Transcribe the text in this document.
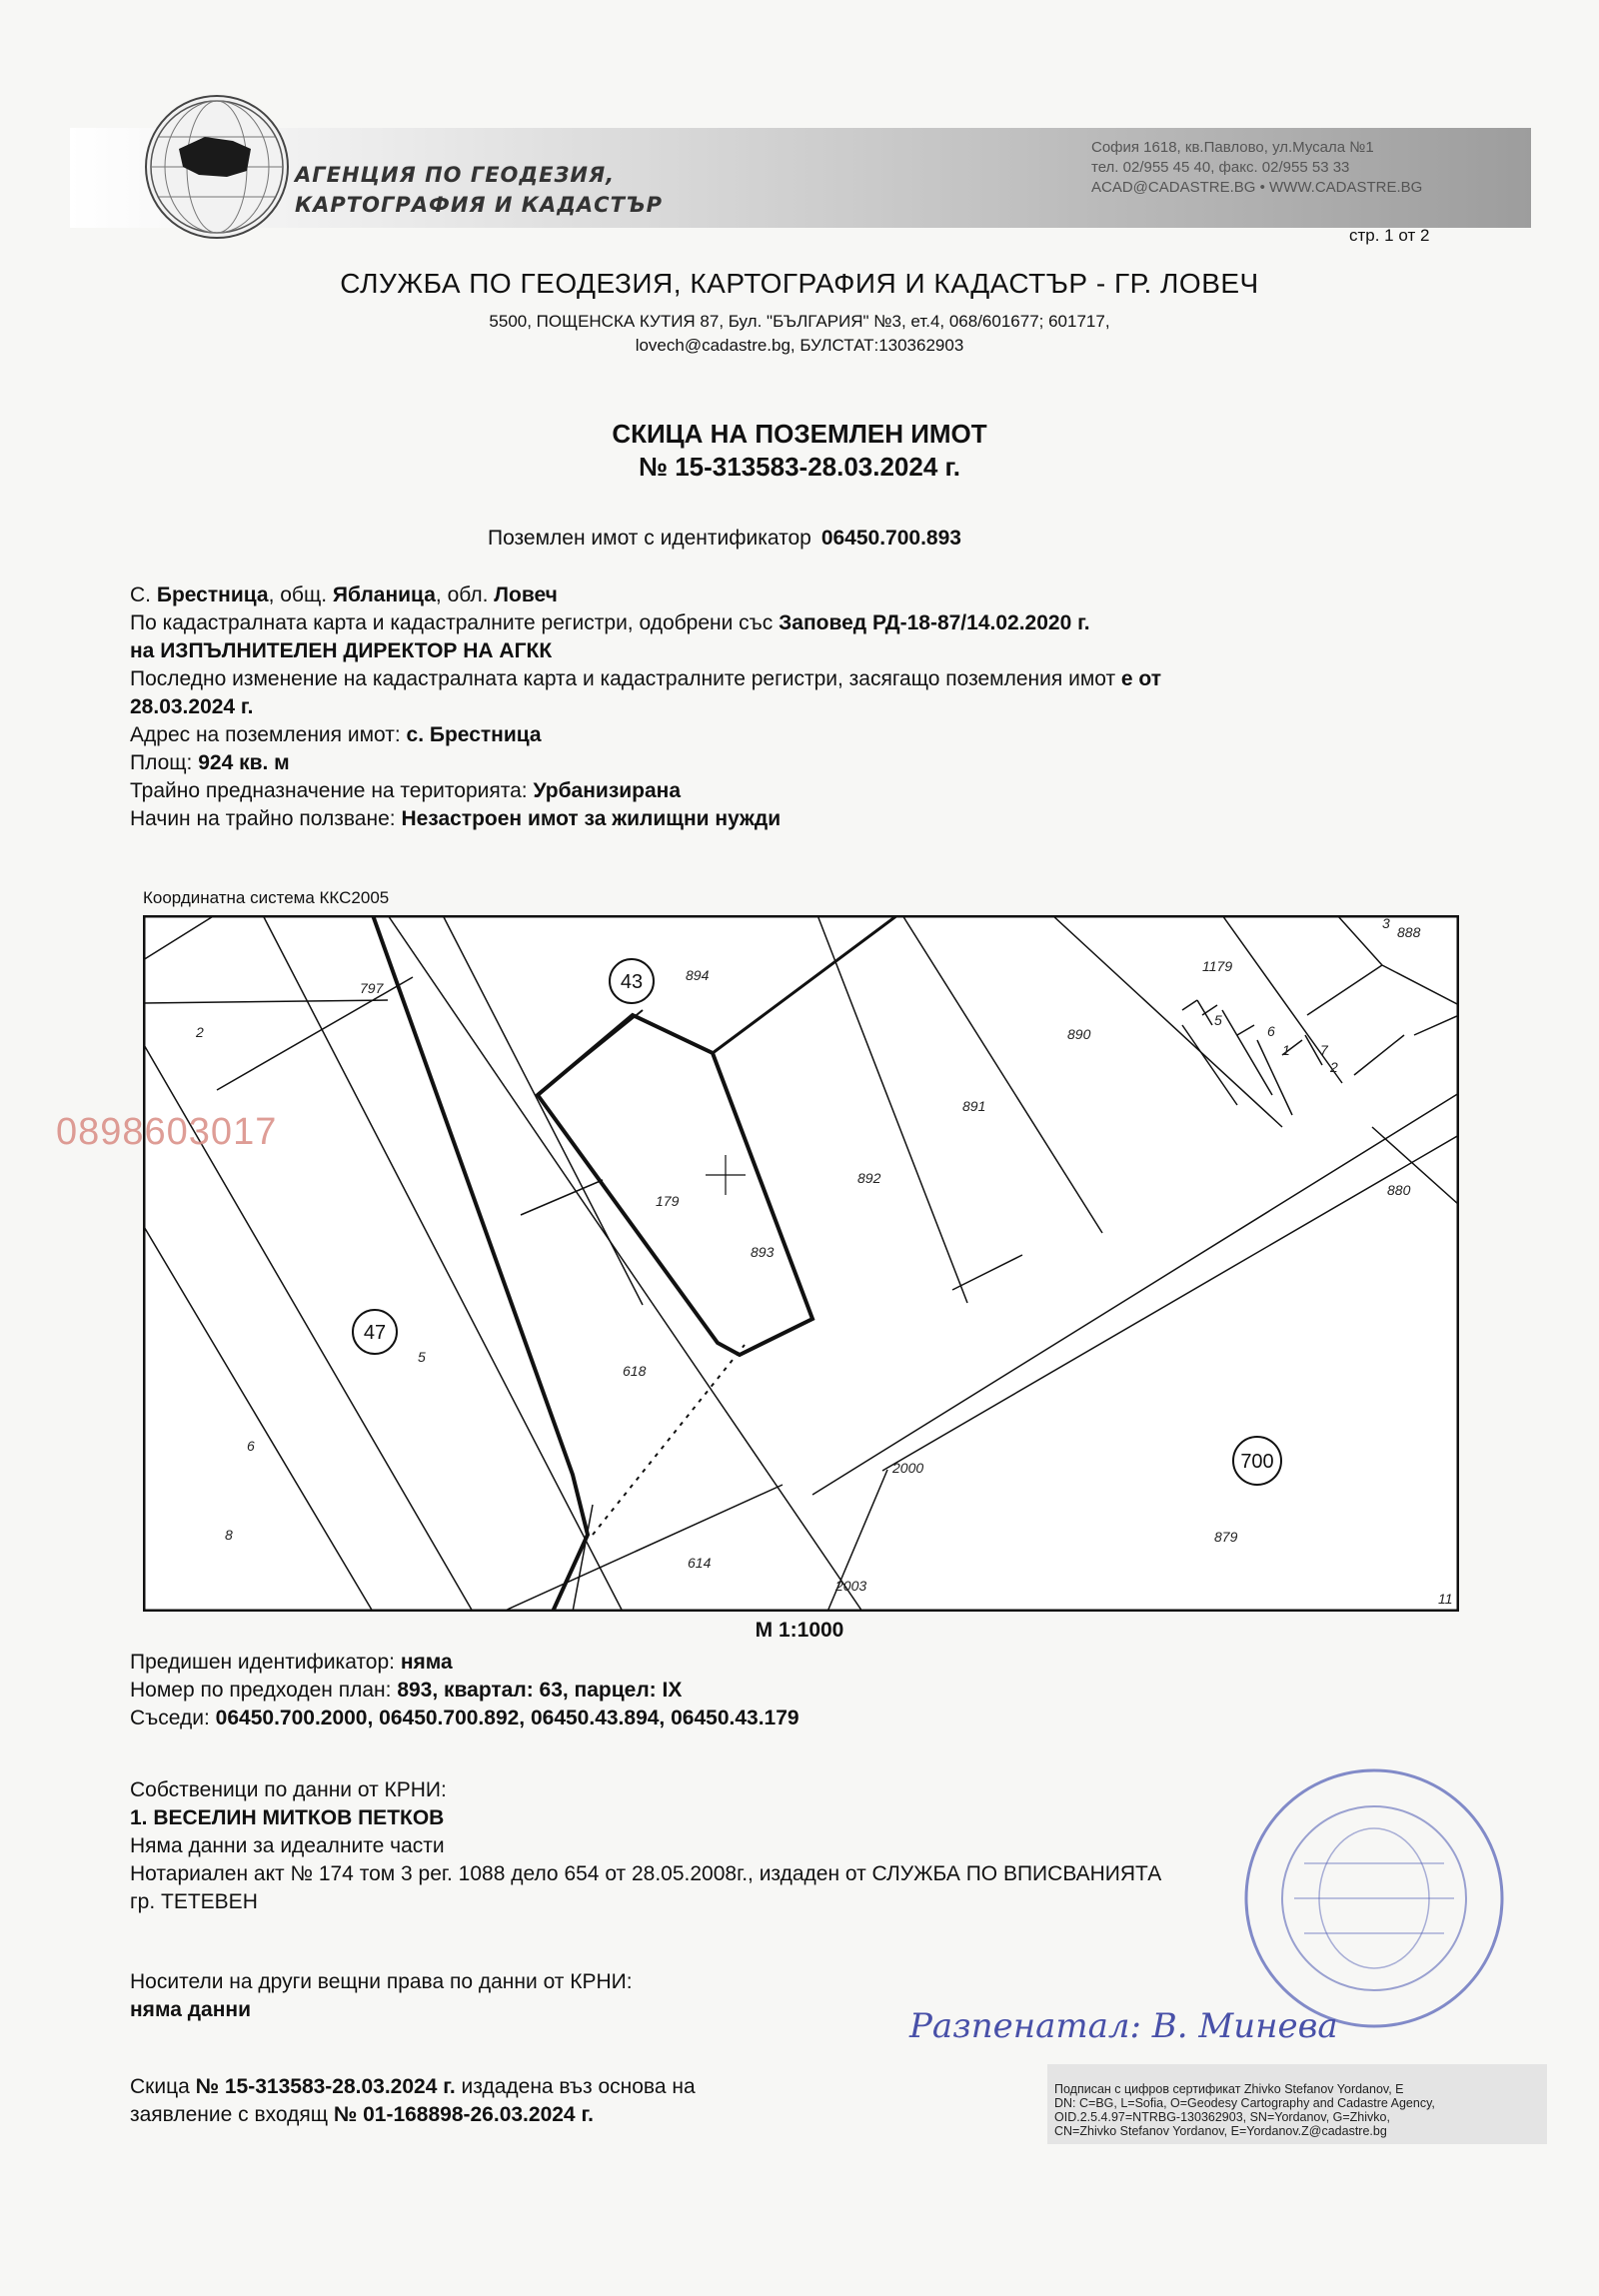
АГЕНЦИЯ ПО ГЕОДЕЗИЯ,
КАРТОГРАФИЯ И КАДАСТЪР
София 1618, кв.Павлово, ул.Мусала №1
тел. 02/955 45 40, факс. 02/955 53 33
ACAD@CADASTRE.BG • WWW.CADASTRE.BG
стр. 1 от 2
СЛУЖБА ПО ГЕОДЕЗИЯ, КАРТОГРАФИЯ И КАДАСТЪР - ГР. ЛОВЕЧ
5500, ПОЩЕНСКА КУТИЯ 87, Бул. "БЪЛГАРИЯ" №3, ет.4, 068/601677; 601717,
lovech@cadastre.bg, БУЛСТАТ:130362903
СКИЦА НА ПОЗЕМЛЕН ИМОТ
№ 15-313583-28.03.2024 г.
Поземлен имот с идентификатор 06450.700.893
С. Брестница, общ. Ябланица, обл. Ловеч
По кадастралната карта и кадастралните регистри, одобрени със Заповед РД-18-87/14.02.2020 г.
на ИЗПЪЛНИТЕЛЕН ДИРЕКТОР НА АГКК
Последно изменение на кадастралната карта и кадастралните регистри, засягащо поземления имот е от
28.03.2024 г.
Адрес на поземления имот: с. Брестница
Площ: 924 кв. м
Трайно предназначение на територията: Урбанизирана
Начин на трайно ползване: Незастроен имот за жилищни нужди
Координатна система ККС2005
43
47
700
797
894
2
179
893
892
891
890
1179
888
3
5
6
1
2
7
880
618
5
6
8
614
2000
2003
879
11
0898603017
М 1:1000
Предишен идентификатор: няма
Номер по предходен план: 893, квартал: 63, парцел: IX
Съседи: 06450.700.2000, 06450.700.892, 06450.43.894, 06450.43.179
Собственици по данни от КРНИ:
1. ВЕСЕЛИН МИТКОВ ПЕТКОВ
Няма данни за идеалните части
Нотариален акт № 174 том 3 рег. 1088 дело 654 от 28.05.2008г., издаден от СЛУЖБА ПО ВПИСВАНИЯТА
гр. ТЕТЕВЕН
Носители на други вещни права по данни от КРНИ:
няма данни
Скица № 15-313583-28.03.2024 г. издадена въз основа на
заявление с входящ № 01-168898-26.03.2024 г.
Разпенатал: В. Минева
Подписан с цифров сертификат Zhivko Stefanov Yordanov, E
DN: C=BG, L=Sofia, O=Geodesy Cartography and Cadastre Agency,
OID.2.5.4.97=NTRBG-130362903, SN=Yordanov, G=Zhivko,
CN=Zhivko Stefanov Yordanov, E=Yordanov.Z@cadastre.bg
